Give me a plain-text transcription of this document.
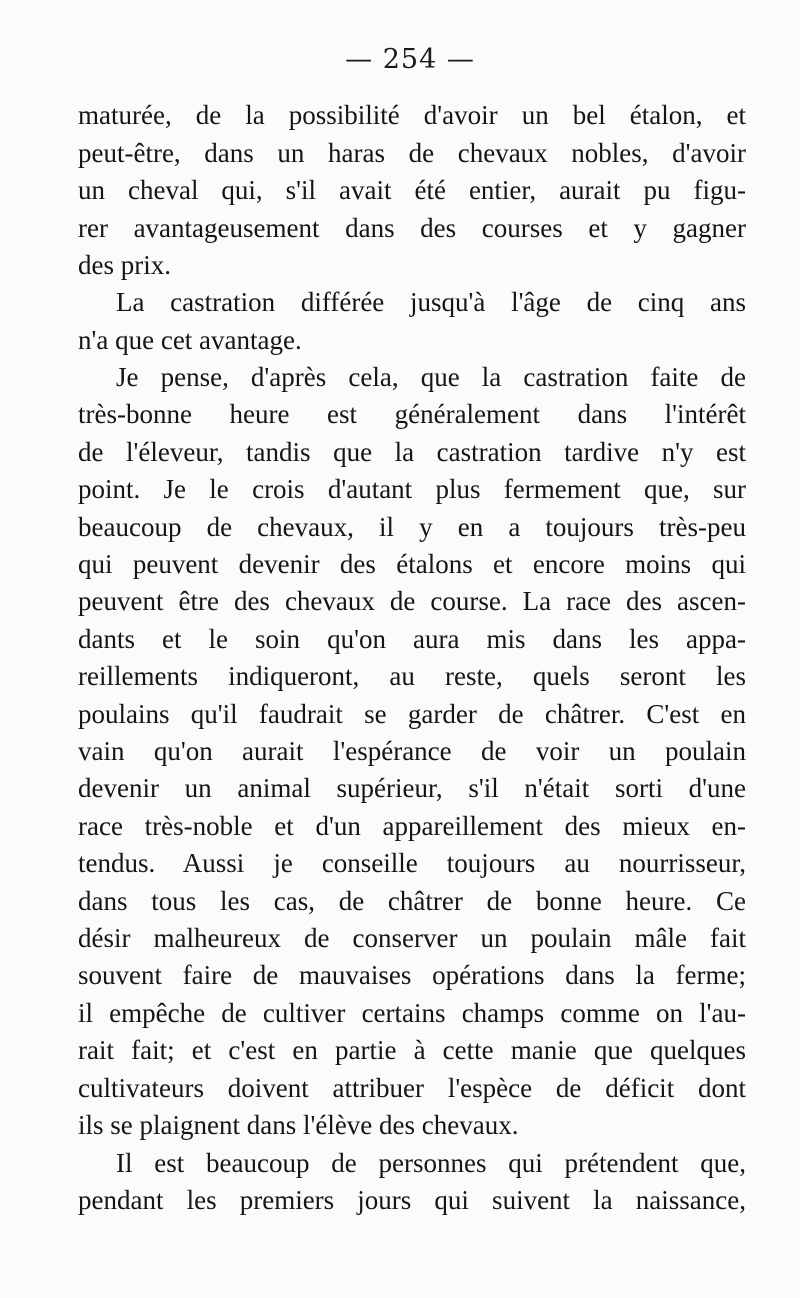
— 254 —
maturée, de la possibilité d'avoir un bel étalon, et
peut-être, dans un haras de chevaux nobles, d'avoir
un cheval qui, s'il avait été entier, aurait pu figu-
rer avantageusement dans des courses et y gagner
des prix.
La castration différée jusqu'à l'âge de cinq ans
n'a que cet avantage.
Je pense, d'après cela, que la castration faite de
très-bonne heure est généralement dans l'intérêt
de l'éleveur, tandis que la castration tardive n'y est
point. Je le crois d'autant plus fermement que, sur
beaucoup de chevaux, il y en a toujours très-peu
qui peuvent devenir des étalons et encore moins qui
peuvent être des chevaux de course. La race des ascen-
dants et le soin qu'on aura mis dans les appa-
reillements indiqueront, au reste, quels seront les
poulains qu'il faudrait se garder de châtrer. C'est en
vain qu'on aurait l'espérance de voir un poulain
devenir un animal supérieur, s'il n'était sorti d'une
race très-noble et d'un appareillement des mieux en-
tendus. Aussi je conseille toujours au nourrisseur,
dans tous les cas, de châtrer de bonne heure. Ce
désir malheureux de conserver un poulain mâle fait
souvent faire de mauvaises opérations dans la ferme;
il empêche de cultiver certains champs comme on l'au-
rait fait; et c'est en partie à cette manie que quelques
cultivateurs doivent attribuer l'espèce de déficit dont
ils se plaignent dans l'élève des chevaux.
Il est beaucoup de personnes qui prétendent que,
pendant les premiers jours qui suivent la naissance,
